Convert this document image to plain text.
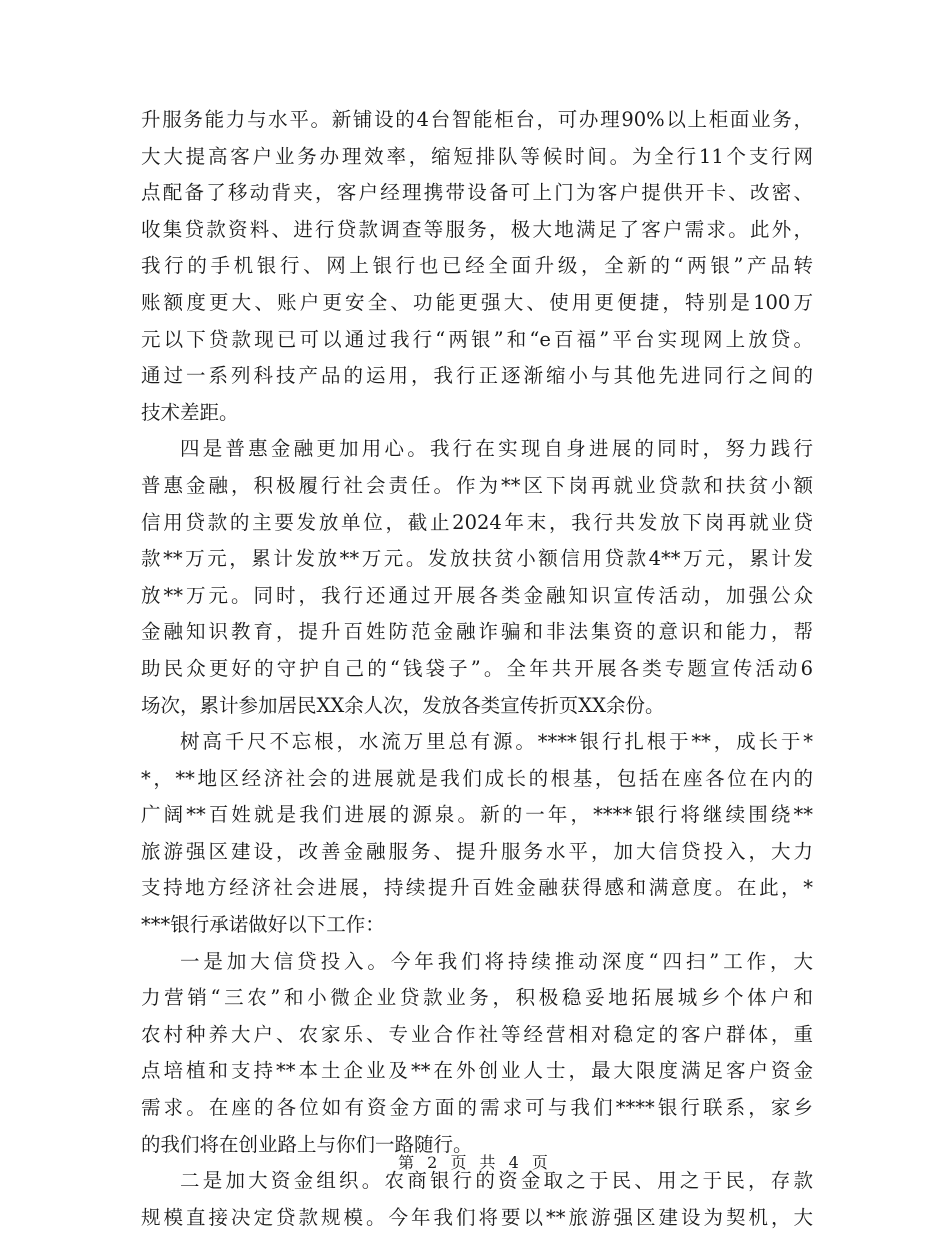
升服务能力与水平。新铺设的4台智能柜台，可办理90%以上柜面业务，
大大提高客户业务办理效率，缩短排队等候时间。为全行11个支行网
点配备了移动背夹，客户经理携带设备可上门为客户提供开卡、改密、
收集贷款资料、进行贷款调查等服务，极大地满足了客户需求。此外，
我行的手机银行、网上银行也已经全面升级，全新的“两银”产品转
账额度更大、账户更安全、功能更强大、使用更便捷，特别是100万
元以下贷款现已可以通过我行“两银”和“e百福”平台实现网上放贷。
通过一系列科技产品的运用，我行正逐渐缩小与其他先进同行之间的
技术差距。
四是普惠金融更加用心。我行在实现自身进展的同时，努力践行
普惠金融，积极履行社会责任。作为**区下岗再就业贷款和扶贫小额
信用贷款的主要发放单位，截止2024年末，我行共发放下岗再就业贷
款**万元，累计发放**万元。发放扶贫小额信用贷款4**万元，累计发
放**万元。同时，我行还通过开展各类金融知识宣传活动，加强公众
金融知识教育，提升百姓防范金融诈骗和非法集资的意识和能力，帮
助民众更好的守护自己的“钱袋子”。全年共开展各类专题宣传活动6
场次，累计参加居民XX余人次，发放各类宣传折页XX余份。
树高千尺不忘根，水流万里总有源。****银行扎根于**，成长于*
*，**地区经济社会的进展就是我们成长的根基，包括在座各位在内的
广阔**百姓就是我们进展的源泉。新的一年，****银行将继续围绕**
旅游强区建设，改善金融服务、提升服务水平，加大信贷投入，大力
支持地方经济社会进展，持续提升百姓金融获得感和满意度。在此，*
***银行承诺做好以下工作：
一是加大信贷投入。今年我们将持续推动深度“四扫”工作，大
力营销“三农”和小微企业贷款业务，积极稳妥地拓展城乡个体户和
农村种养大户、农家乐、专业合作社等经营相对稳定的客户群体，重
点培植和支持**本土企业及**在外创业人士，最大限度满足客户资金
需求。在座的各位如有资金方面的需求可与我们****银行联系，家乡
的我们将在创业路上与你们一路随行。
二是加大资金组织。农商银行的资金取之于民、用之于民，存款
规模直接决定贷款规模。今年我们将要以**旅游强区建设为契机，大
第 2 页 共 4 页
